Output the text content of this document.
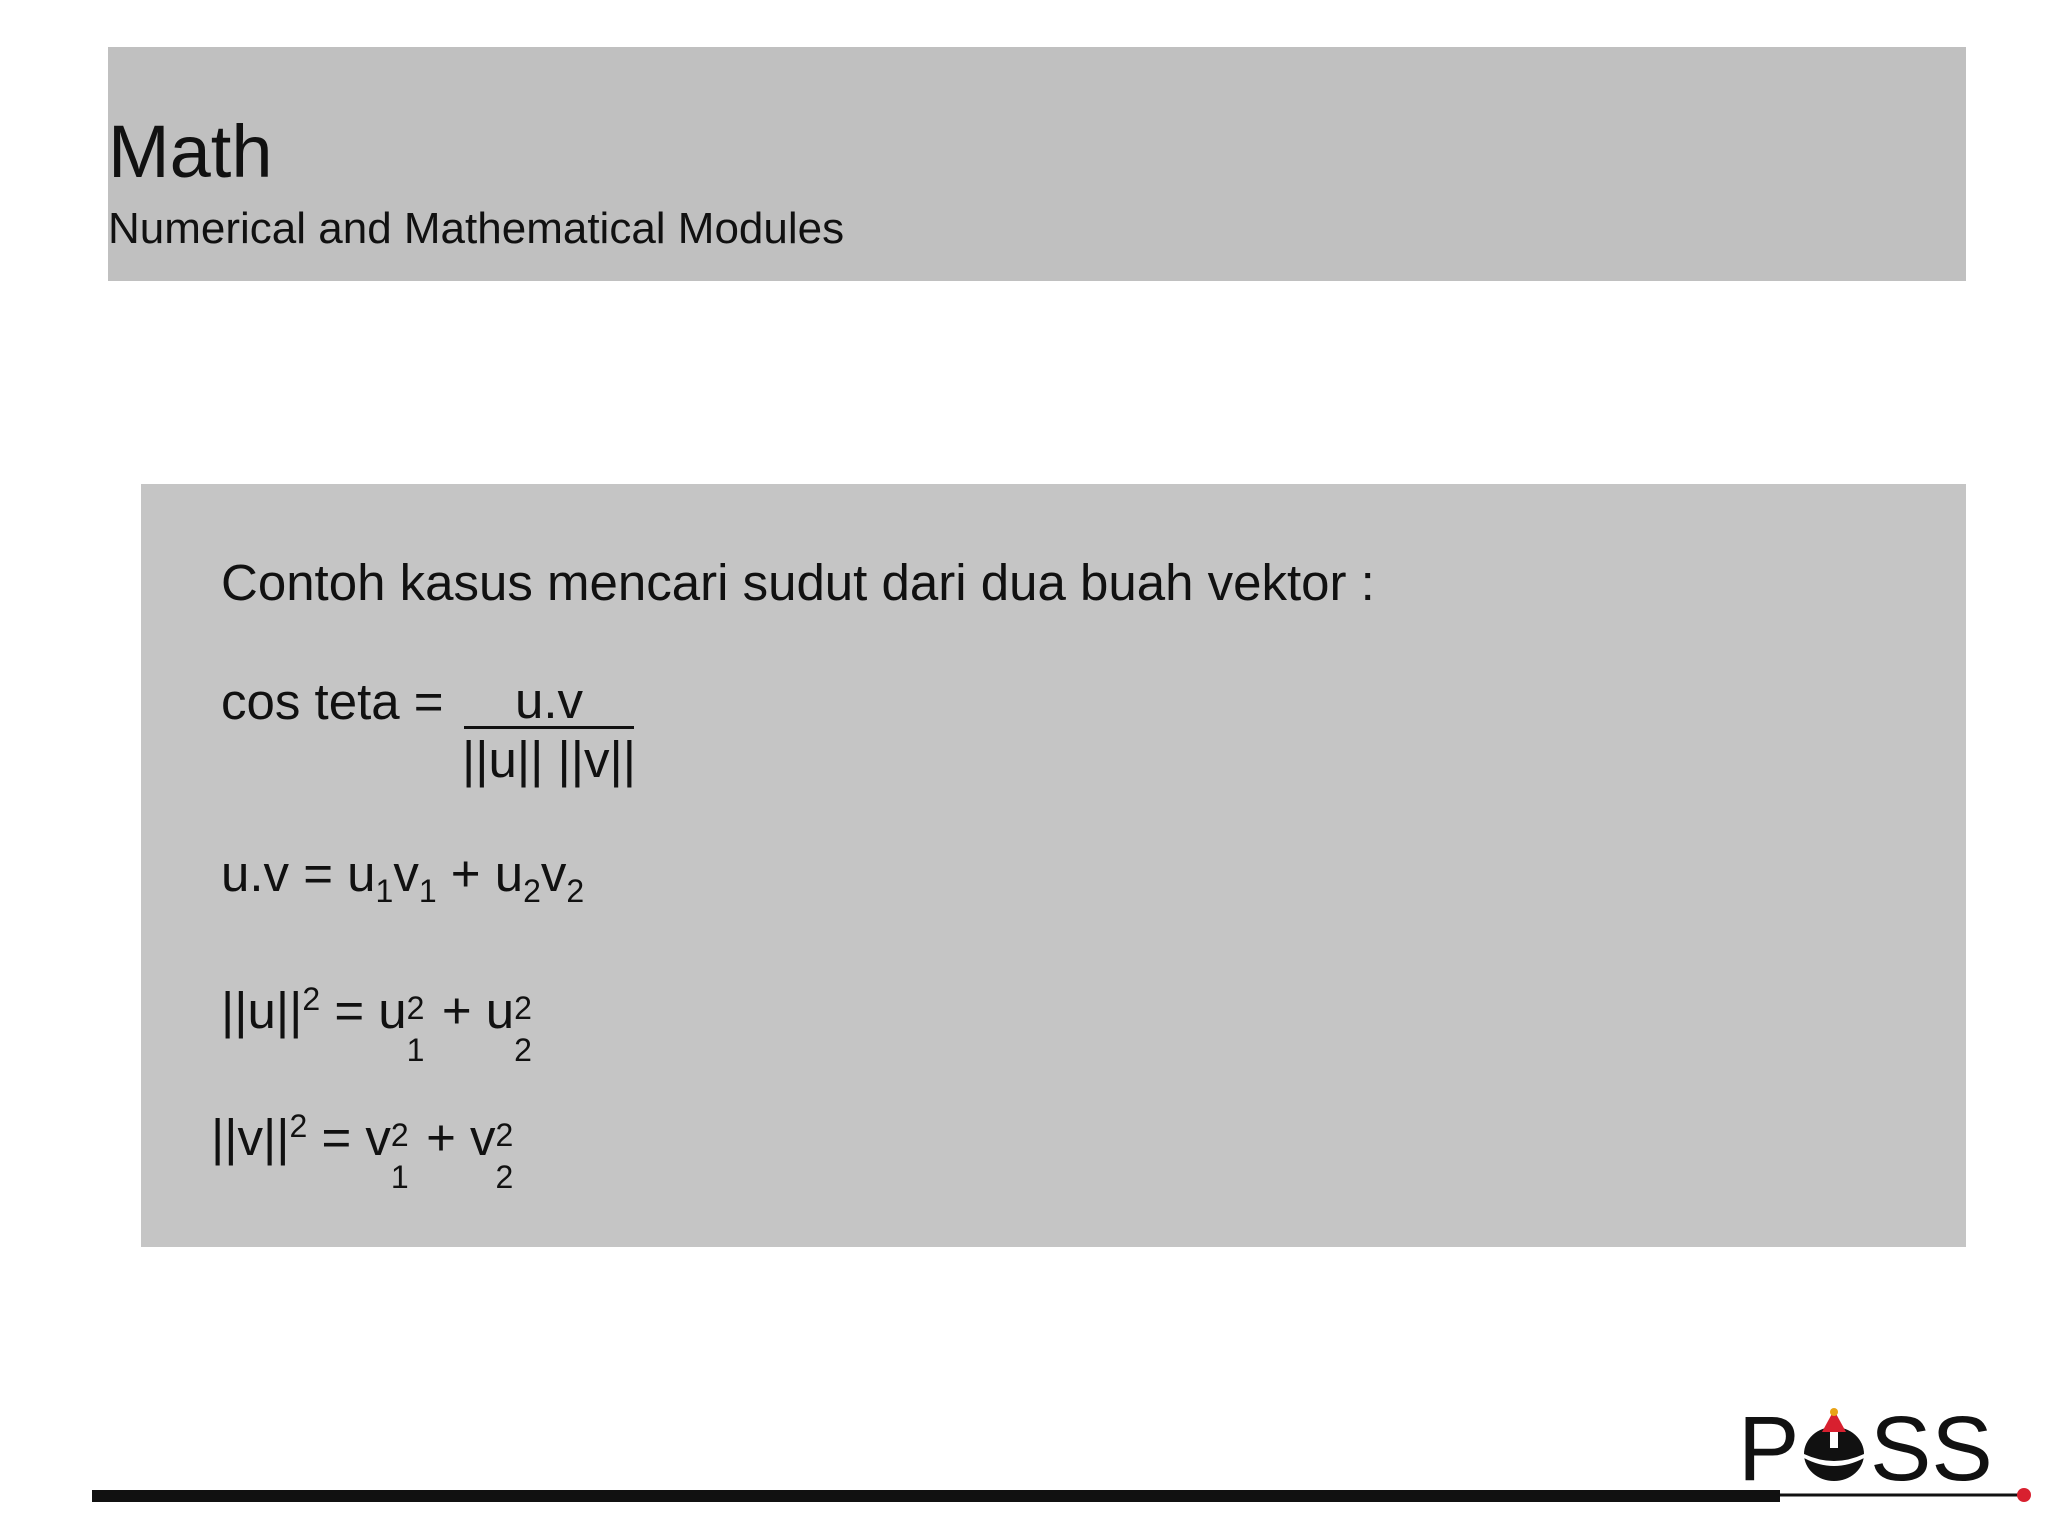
Math
Numerical and Mathematical Modules
Contoh kasus mencari sudut dari dua buah vektor :
cos teta =	u.v
||u|| ||v||
$u.v = u_1v_1 + u_2v_2$
$||u||^2 = u$ 2 + u
$||v||^2 = v$ 2 + v
P SS
